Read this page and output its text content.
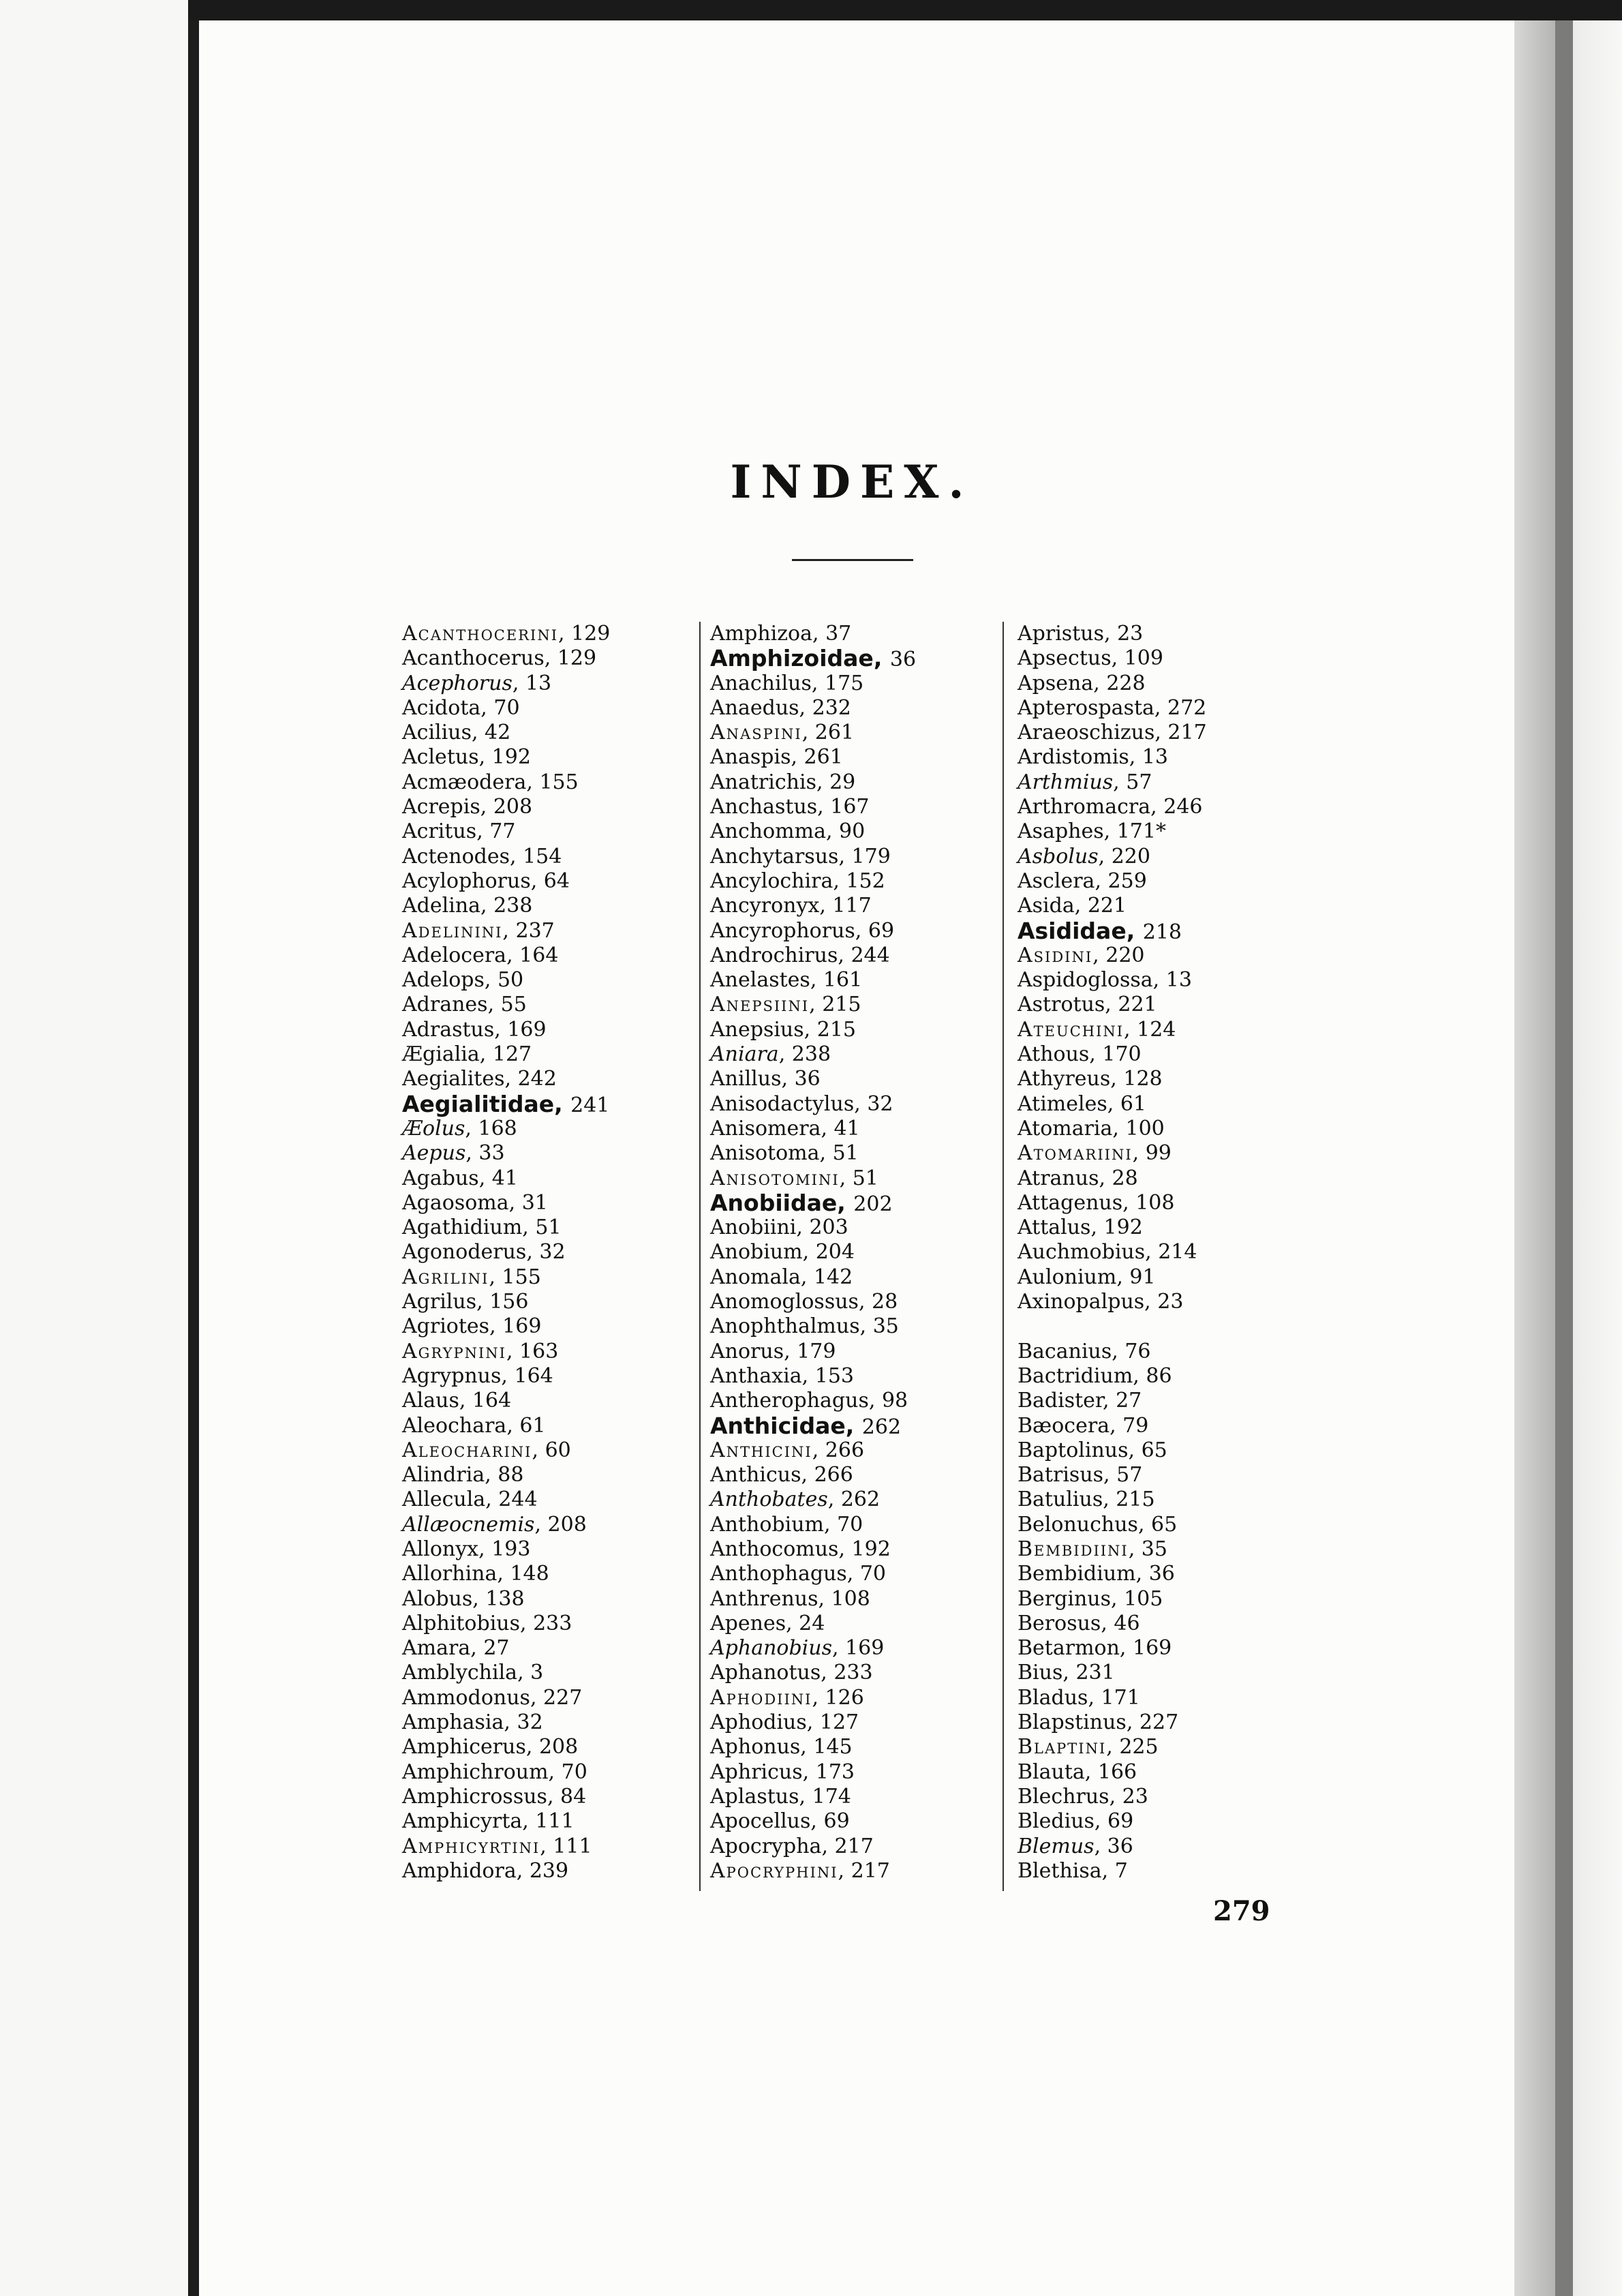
INDEX.
Acanthocerini, 129
Acanthocerus, 129
Acephorus, 13
Acidota, 70
Acilius, 42
Acletus, 192
Acmæodera, 155
Acrepis, 208
Acritus, 77
Actenodes, 154
Acylophorus, 64
Adelina, 238
Adelinini, 237
Adelocera, 164
Adelops, 50
Adranes, 55
Adrastus, 169
Ægialia, 127
Aegialites, 242
Aegialitidae, 241
Æolus, 168
Aepus, 33
Agabus, 41
Agaosoma, 31
Agathidium, 51
Agonoderus, 32
Agrilini, 155
Agrilus, 156
Agriotes, 169
Agrypnini, 163
Agrypnus, 164
Alaus, 164
Aleochara, 61
Aleocharini, 60
Alindria, 88
Allecula, 244
Allæocnemis, 208
Allonyx, 193
Allorhina, 148
Alobus, 138
Alphitobius, 233
Amara, 27
Amblychila, 3
Ammodonus, 227
Amphasia, 32
Amphicerus, 208
Amphichroum, 70
Amphicrossus, 84
Amphicyrta, 111
Amphicyrtini, 111
Amphidora, 239
Amphizoa, 37
Amphizoidae, 36
Anachilus, 175
Anaedus, 232
Anaspini, 261
Anaspis, 261
Anatrichis, 29
Anchastus, 167
Anchomma, 90
Anchytarsus, 179
Ancylochira, 152
Ancyronyx, 117
Ancyrophorus, 69
Androchirus, 244
Anelastes, 161
Anepsiini, 215
Anepsius, 215
Aniara, 238
Anillus, 36
Anisodactylus, 32
Anisomera, 41
Anisotoma, 51
Anisotomini, 51
Anobiidae, 202
Anobiini, 203
Anobium, 204
Anomala, 142
Anomoglossus, 28
Anophthalmus, 35
Anorus, 179
Anthaxia, 153
Antherophagus, 98
Anthicidae, 262
Anthicini, 266
Anthicus, 266
Anthobates, 262
Anthobium, 70
Anthocomus, 192
Anthophagus, 70
Anthrenus, 108
Apenes, 24
Aphanobius, 169
Aphanotus, 233
Aphodiini, 126
Aphodius, 127
Aphonus, 145
Aphricus, 173
Aplastus, 174
Apocellus, 69
Apocrypha, 217
Apocryphini, 217
Apristus, 23
Apsectus, 109
Apsena, 228
Apterospasta, 272
Araeoschizus, 217
Ardistomis, 13
Arthmius, 57
Arthromacra, 246
Asaphes, 171*
Asbolus, 220
Asclera, 259
Asida, 221
Asididae, 218
Asidini, 220
Aspidoglossa, 13
Astrotus, 221
Ateuchini, 124
Athous, 170
Athyreus, 128
Atimeles, 61
Atomaria, 100
Atomariini, 99
Atranus, 28
Attagenus, 108
Attalus, 192
Auchmobius, 214
Aulonium, 91
Axinopalpus, 23
Bacanius, 76
Bactridium, 86
Badister, 27
Bæocera, 79
Baptolinus, 65
Batrisus, 57
Batulius, 215
Belonuchus, 65
Bembidiini, 35
Bembidium, 36
Berginus, 105
Berosus, 46
Betarmon, 169
Bius, 231
Bladus, 171
Blapstinus, 227
Blaptini, 225
Blauta, 166
Blechrus, 23
Bledius, 69
Blemus, 36
Blethisa, 7
279
